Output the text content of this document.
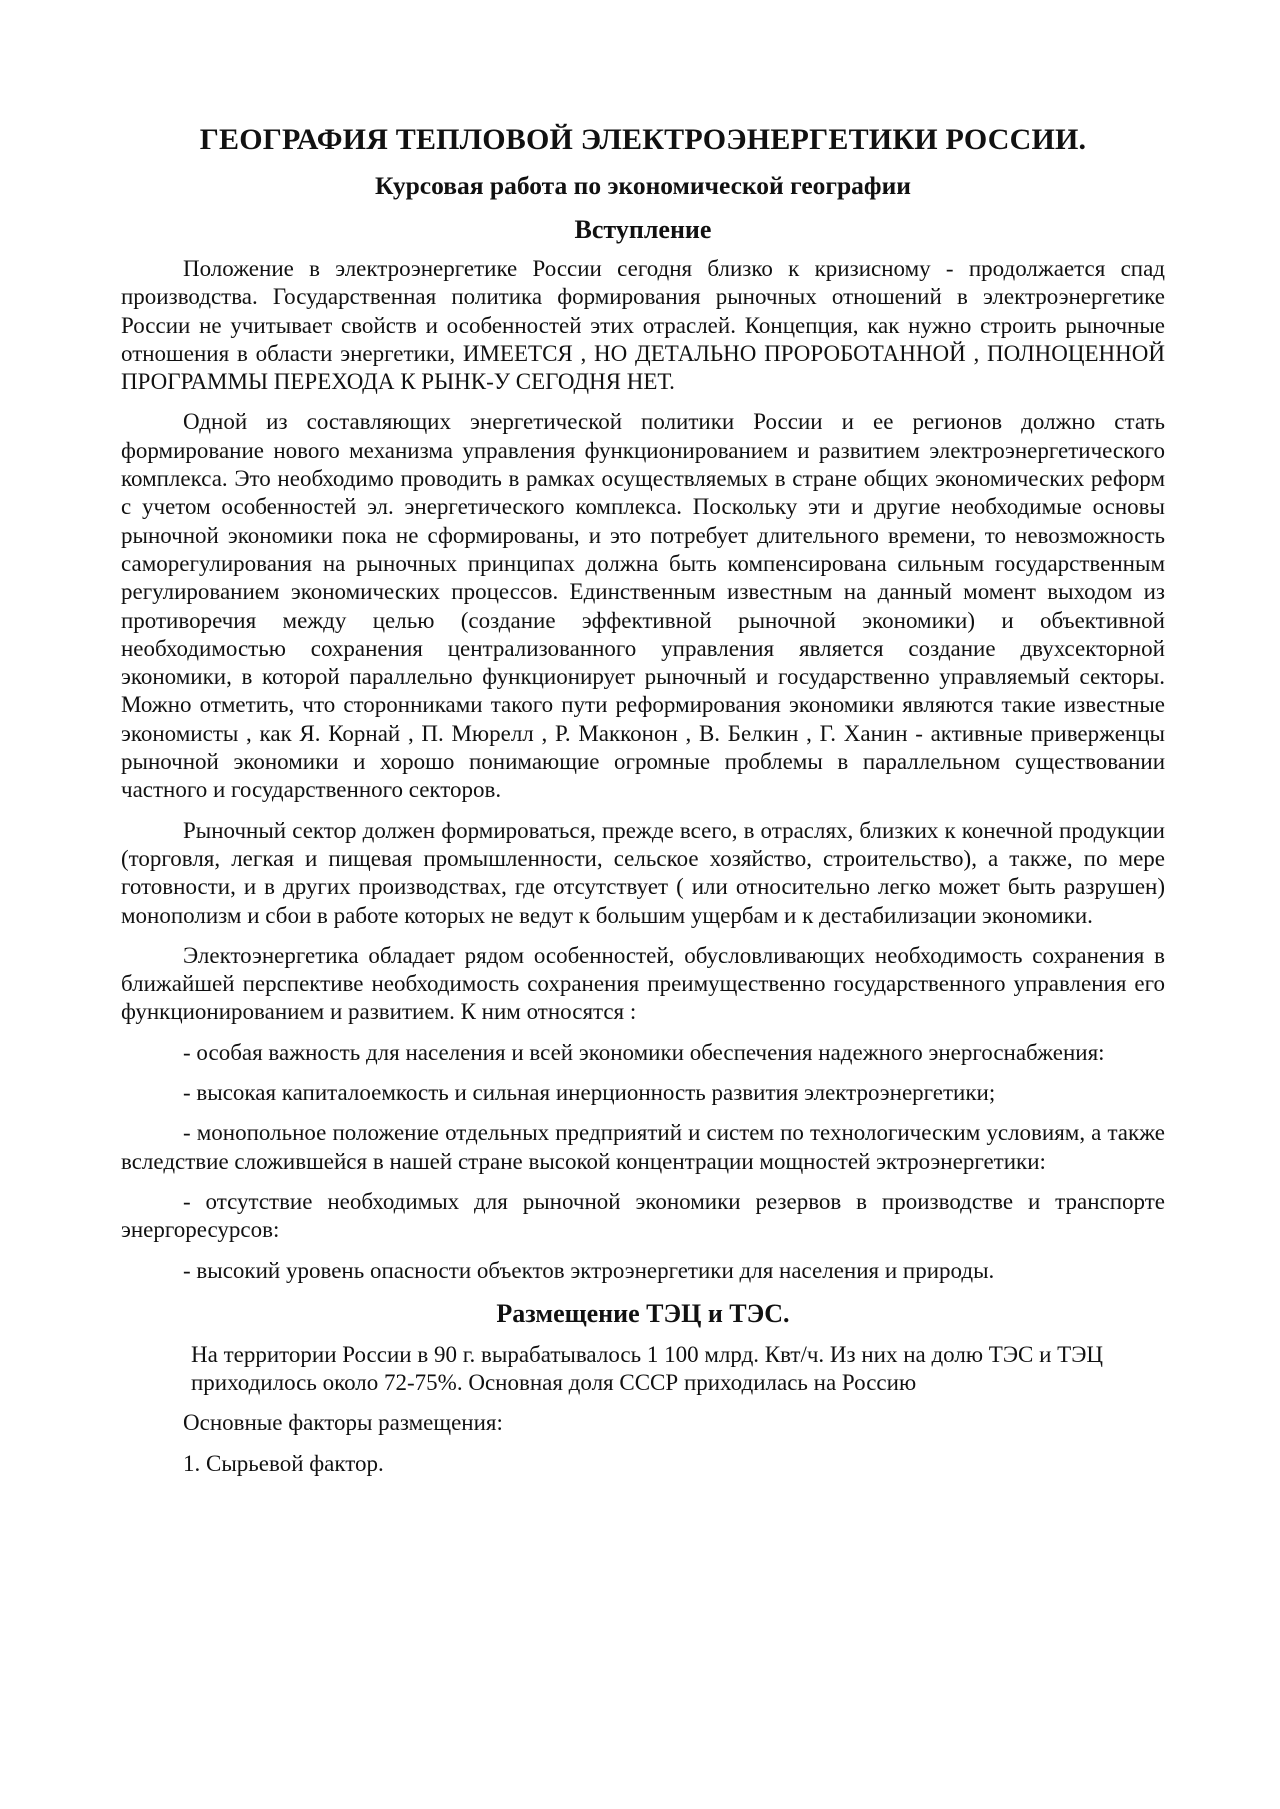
ГЕОГРАФИЯ ТЕПЛОВОЙ ЭЛЕКТРОЭНЕРГЕТИКИ РОССИИ.
Курсовая работа по экономической географии
Вступление

Положение в электроэнергетике России сегодня близко к кризисному - продолжается спад производства. Государственная политика формирования рыночных отношений в электроэнергетике России не учитывает свойств и особенностей этих отраслей. Концепция, как нужно строить рыночные отношения в области энергетики, ИМЕЕТСЯ , НО ДЕТАЛЬНО ПРОРОБОТАННОЙ , ПОЛНОЦЕННОЙ ПРОГРАММЫ ПЕРЕХОДА К РЫНК-У СЕГОДНЯ НЕТ.

Одной из составляющих энергетической политики России и ее регионов должно стать формирование нового механизма управления функционированием и развитием электроэнергетического комплекса. Это необходимо проводить в рамках осуществляемых в стране общих экономических реформ с учетом особенностей эл. энергетического комплекса. Поскольку эти и другие необходимые основы рыночной экономики пока не сформированы, и это потребует длительного времени, то невозможность саморегулирования на рыночных принципах должна быть компенсирована сильным государственным регулированием экономических процессов. Единственным известным на данный момент выходом из противоречия между целью (создание эффективной рыночной экономики) и объективной необходимостью сохранения централизованного управления является создание двухсекторной экономики, в которой параллельно функционирует рыночный и государственно управляемый секторы. Можно отметить, что сторонниками такого пути реформирования экономики являются такие известные экономисты , как Я. Корнай , П. Мюрелл , Р. Макконон , В. Белкин , Г. Ханин - активные приверженцы рыночной экономики и хорошо понимающие огромные проблемы в параллельном существовании частного и государственного секторов.

Рыночный сектор должен формироваться, прежде всего, в отраслях, близких к конечной продукции (торговля, легкая и пищевая промышленности, сельское хозяйство, строительство), а также, по мере готовности, и в других производствах, где отсутствует ( или относительно легко может быть разрушен) монополизм и сбои в работе которых не ведут к большим ущербам и к дестабилизации экономики.

Электоэнергетика обладает рядом особенностей, обусловливающих необходимость сохранения в ближайшей перспективе необходимость сохранения преимущественно государственного управления его функционированием и развитием. К ним относятся :

- особая важность для населения и всей экономики обеспечения надежного энергоснабжения:

- высокая капиталоемкость и сильная инерционность развития электроэнергетики;

- монопольное положение отдельных предприятий и систем по технологическим условиям, а также вследствие сложившейся в нашей стране высокой концентрации мощностей эктроэнергетики:

- отсутствие необходимых для рыночной экономики резервов в производстве и транспорте энергоресурсов:

- высокий уровень опасности объектов эктроэнергетики для населения и природы.

Размещение ТЭЦ и ТЭС.

На территории России в 90 г. вырабатывалось 1 100 млрд. Квт/ч. Из них на долю ТЭС и ТЭЦ приходилось около 72-75%. Основная доля СССР приходилась на Россию

Основные факторы размещения:

1. Сырьевой фактор.
